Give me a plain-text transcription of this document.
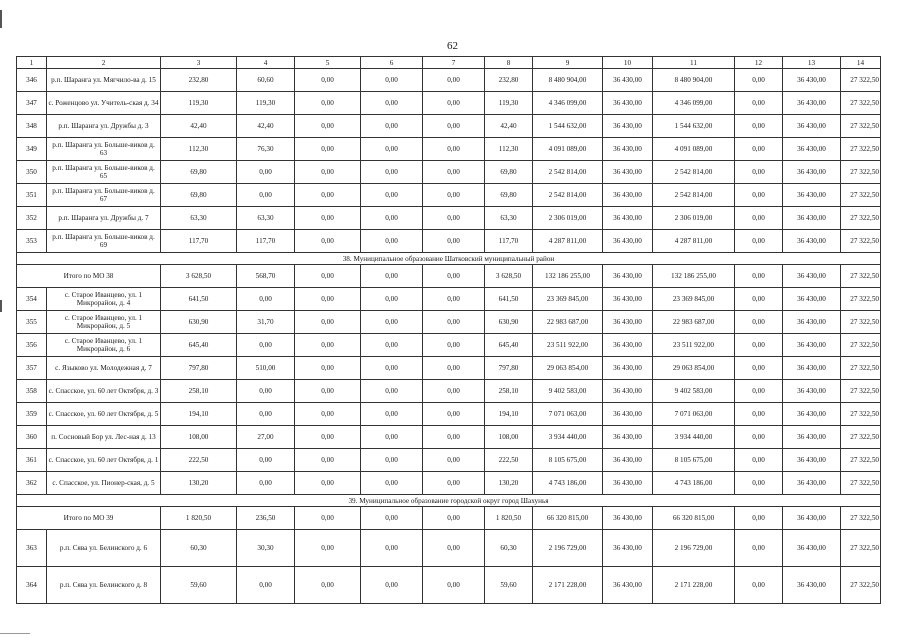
62
1	2	3	4	5	6	7	8	9	10	11	12	13	14
346	р.п. Шаранга ул. Мягчило-ва д. 15	232,80	60,60	0,00	0,00	0,00	232,80	8 480 904,00	36 430,00	8 480 904,00	0,00	36 430,00	27 322,50
347	с. Роженцово ул. Учитель-ская д. 34	119,30	119,30	0,00	0,00	0,00	119,30	4 346 099,00	36 430,00	4 346 099,00	0,00	36 430,00	27 322,50
348	р.п. Шаранга ул. Дружбы д. 3	42,40	42,40	0,00	0,00	0,00	42,40	1 544 632,00	36 430,00	1 544 632,00	0,00	36 430,00	27 322,50
349	р.п. Шаранга ул. Больше-виков д. 63	112,30	76,30	0,00	0,00	0,00	112,30	4 091 089,00	36 430,00	4 091 089,00	0,00	36 430,00	27 322,50
350	р.п. Шаранга ул. Больше-виков д. 65	69,80	0,00	0,00	0,00	0,00	69,80	2 542 814,00	36 430,00	2 542 814,00	0,00	36 430,00	27 322,50
351	р.п. Шаранга ул. Больше-виков д. 67	69,80	0,00	0,00	0,00	0,00	69,80	2 542 814,00	36 430,00	2 542 814,00	0,00	36 430,00	27 322,50
352	р.п. Шаранга ул. Дружбы д. 7	63,30	63,30	0,00	0,00	0,00	63,30	2 306 019,00	36 430,00	2 306 019,00	0,00	36 430,00	27 322,50
353	р.п. Шаранга ул. Больше-виков д. 69	117,70	117,70	0,00	0,00	0,00	117,70	4 287 811,00	36 430,00	4 287 811,00	0,00	36 430,00	27 322,50
38. Муниципальное образование Шатковский муниципальный район													
Итого по МО 38		3 628,50	568,70	0,00	0,00	0,00	3 628,50	132 186 255,00	36 430,00	132 186 255,00	0,00	36 430,00	27 322,50
354	с. Старое Иванцево, ул. 1 Микрорайон, д. 4	641,50	0,00	0,00	0,00	0,00	641,50	23 369 845,00	36 430,00	23 369 845,00	0,00	36 430,00	27 322,50
355	с. Старое Иванцево, ул. 1 Микрорайон, д. 5	630,90	31,70	0,00	0,00	0,00	630,90	22 983 687,00	36 430,00	22 983 687,00	0,00	36 430,00	27 322,50
356	с. Старое Иванцево, ул. 1 Микрорайон, д. 6	645,40	0,00	0,00	0,00	0,00	645,40	23 511 922,00	36 430,00	23 511 922,00	0,00	36 430,00	27 322,50
357	с. Языково ул. Молодежная д. 7	797,80	510,00	0,00	0,00	0,00	797,80	29 063 854,00	36 430,00	29 063 854,00	0,00	36 430,00	27 322,50
358	с. Спасское, ул. 60 лет Октября, д. 3	258,10	0,00	0,00	0,00	0,00	258,10	9 402 583,00	36 430,00	9 402 583,00	0,00	36 430,00	27 322,50
359	с. Спасское, ул. 60 лет Октября, д. 5	194,10	0,00	0,00	0,00	0,00	194,10	7 071 063,00	36 430,00	7 071 063,00	0,00	36 430,00	27 322,50
360	п. Сосновый Бор ул. Лес-ная д. 13	108,00	27,00	0,00	0,00	0,00	108,00	3 934 440,00	36 430,00	3 934 440,00	0,00	36 430,00	27 322,50
361	с. Спасское, ул. 60 лет Октября, д. 1	222,50	0,00	0,00	0,00	0,00	222,50	8 105 675,00	36 430,00	8 105 675,00	0,00	36 430,00	27 322,50
362	с. Спасское, ул. Пионер-ская, д. 5	130,20	0,00	0,00	0,00	0,00	130,20	4 743 186,00	36 430,00	4 743 186,00	0,00	36 430,00	27 322,50
39. Муниципальное образование городской округ город Шахунья													
Итого по МО 39		1 820,50	236,50	0,00	0,00	0,00	1 820,50	66 320 815,00	36 430,00	66 320 815,00	0,00	36 430,00	27 322,50
363	р.п. Сява ул. Белинского д. 6	60,30	30,30	0,00	0,00	0,00	60,30	2 196 729,00	36 430,00	2 196 729,00	0,00	36 430,00	27 322,50
364	р.п. Сява ул. Белинского д. 8	59,60	0,00	0,00	0,00	0,00	59,60	2 171 228,00	36 430,00	2 171 228,00	0,00	36 430,00	27 322,50
